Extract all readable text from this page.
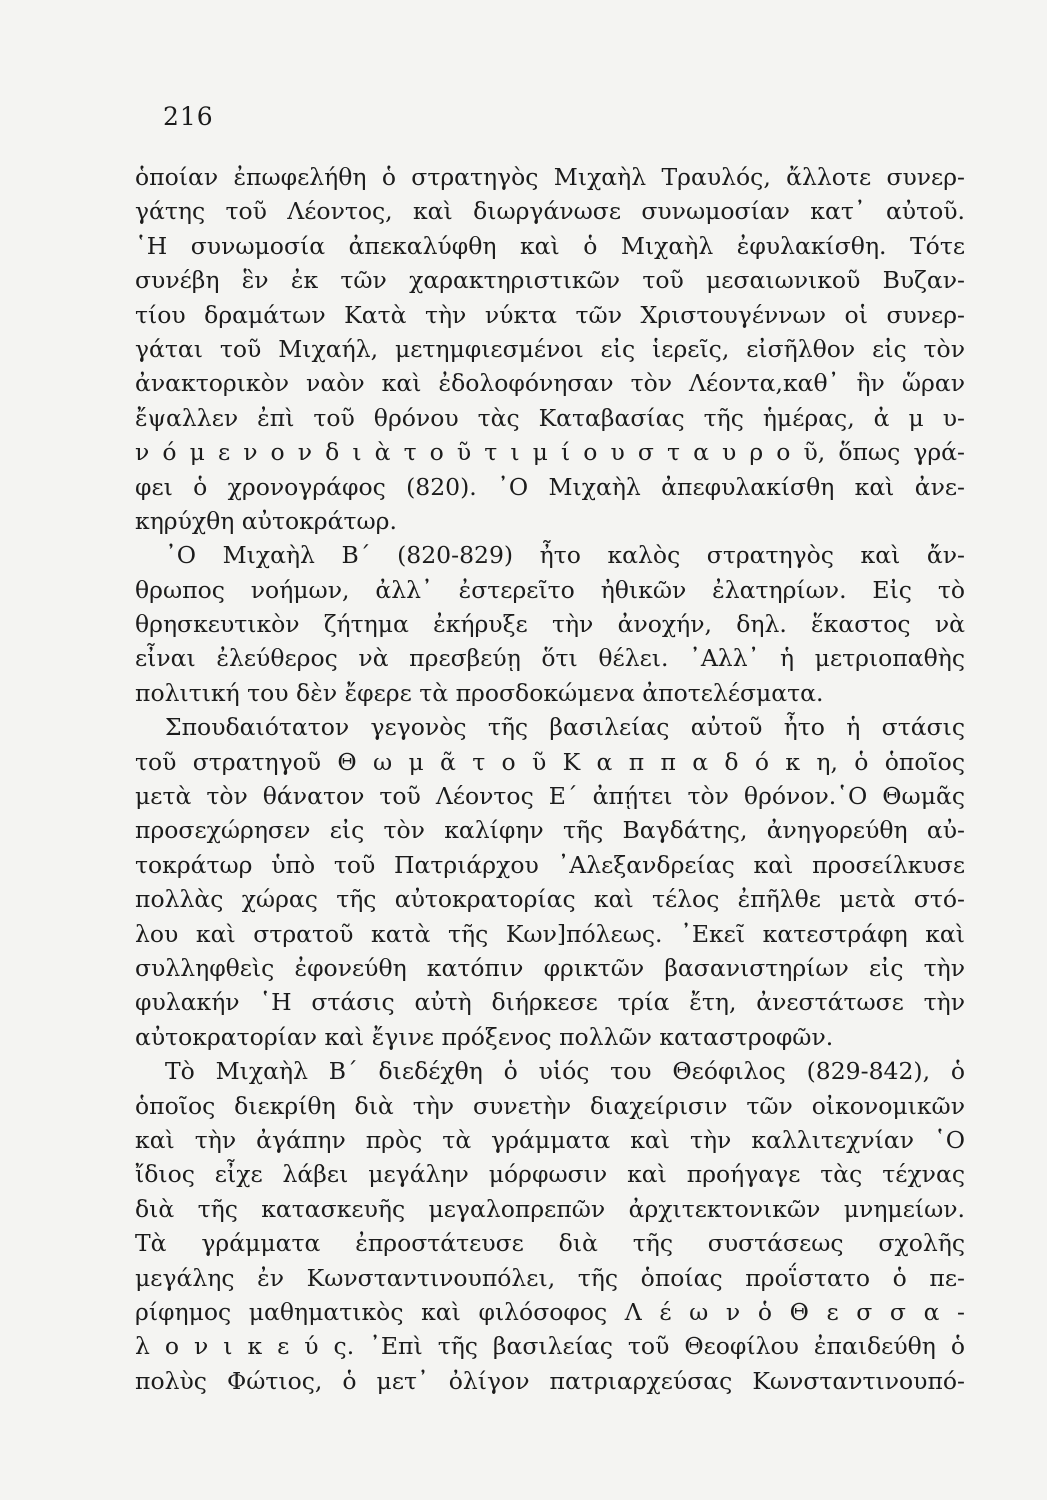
216
ὁποίαν ἐπωφελήθη ὁ στρατηγὸς Μιχαὴλ Τραυλός, ἄλλοτε συνερ-
γάτης τοῦ Λέοντος, καὶ διωργάνωσε συνωμοσίαν κατ᾿ αὐτοῦ.
῾Η συνωμοσία ἀπεκαλύφθη καὶ ὁ Μιχαὴλ ἐφυλακίσθη. Τότε
συνέβη ἓν ἐκ τῶν χαρακτηριστικῶν τοῦ μεσαιωνικοῦ Βυζαν-
τίου δραμάτων Κατὰ τὴν νύκτα τῶν Χριστουγέννων οἱ συνερ-
γάται τοῦ Μιχαήλ, μετημφιεσμένοι εἰς ἱερεῖς, εἰσῆλθον εἰς τὸν
ἀνακτορικὸν ναὸν καὶ ἐδολοφόνησαν τὸν Λέοντα,καθ᾿ ἣν ὥραν
ἔψαλλεν ἐπὶ τοῦ θρόνου τὰς Καταβασίας τῆς ἡμέρας, ἀ μ υ-
ν ό μ ε ν ο ν δ ι ὰ τ ο ῦ τ ι μ ί ο υ σ τ α υ ρ ο ῦ, ὅπως γρά-
φει ὁ χρονογράφος (820). ᾿Ο Μιχαὴλ ἀπεφυλακίσθη καὶ ἀνε-
κηρύχθη αὐτοκράτωρ.
᾿Ο Μιχαὴλ Β΄ (820-829) ἦτο καλὸς στρατηγὸς καὶ ἄν-
θρωπος νοήμων, ἀλλ᾿ ἐστερεῖτο ἠθικῶν ἐλατηρίων. Εἰς τὸ
θρησκευτικὸν ζήτημα ἐκήρυξε τὴν ἀνοχήν, δηλ. ἕκαστος νὰ
εἶναι ἐλεύθερος νὰ πρεσβεύῃ ὅτι θέλει. ᾿Αλλ᾿ ἡ μετριοπαθὴς
πολιτική του δὲν ἔφερε τὰ προσδοκώμενα ἀποτελέσματα.
Σπουδαιότατον γεγονὸς τῆς βασιλείας αὐτοῦ ἦτο ἡ στάσις
τοῦ στρατηγοῦ Θ ω μ ᾶ τ ο ῦ Κ α π π α δ ό κ η, ὁ ὁποῖος
μετὰ τὸν θάνατον τοῦ Λέοντος Ε΄ ἀπῄτει τὸν θρόνον.῾Ο Θωμᾶς
προσεχώρησεν εἰς τὸν καλίφην τῆς Βαγδάτης, ἀνηγορεύθη αὐ-
τοκράτωρ ὑπὸ τοῦ Πατριάρχου ᾿Αλεξανδρείας καὶ προσείλκυσε
πολλὰς χώρας τῆς αὐτοκρατορίας καὶ τέλος ἐπῆλθε μετὰ στό-
λου καὶ στρατοῦ κατὰ τῆς Κων]πόλεως. ᾿Εκεῖ κατεστράφη καὶ
συλληφθεὶς ἐφονεύθη κατόπιν φρικτῶν βασανιστηρίων εἰς τὴν
φυλακήν ῾Η στάσις αὐτὴ διήρκεσε τρία ἔτη, ἀνεστάτωσε τὴν
αὐτοκρατορίαν καὶ ἔγινε πρόξενος πολλῶν καταστροφῶν.
Τὸ Μιχαὴλ Β΄ διεδέχθη ὁ υἱός του Θεόφιλος (829-842), ὁ
ὁποῖος διεκρίθη διὰ τὴν συνετὴν διαχείρισιν τῶν οἰκονομικῶν
καὶ τὴν ἀγάπην πρὸς τὰ γράμματα καὶ τὴν καλλιτεχνίαν ῾Ο
ἴδιος εἶχε λάβει μεγάλην μόρφωσιν καὶ προήγαγε τὰς τέχνας
διὰ τῆς κατασκευῆς μεγαλοπρεπῶν ἀρχιτεκτονικῶν μνημείων.
Τὰ γράμματα ἐπροστάτευσε διὰ τῆς συστάσεως σχολῆς
μεγάλης ἐν Κωνσταντινουπόλει, τῆς ὁποίας προΐστατο ὁ πε-
ρίφημος μαθηματικὸς καὶ φιλόσοφος Λ έ ω ν ὁ Θ ε σ σ α -
λ ο ν ι κ ε ύ ς. ᾿Επὶ τῆς βασιλείας τοῦ Θεοφίλου ἐπαιδεύθη ὁ
πολὺς Φώτιος, ὁ μετ᾿ ὀλίγον πατριαρχεύσας Κωνσταντινουπό-
